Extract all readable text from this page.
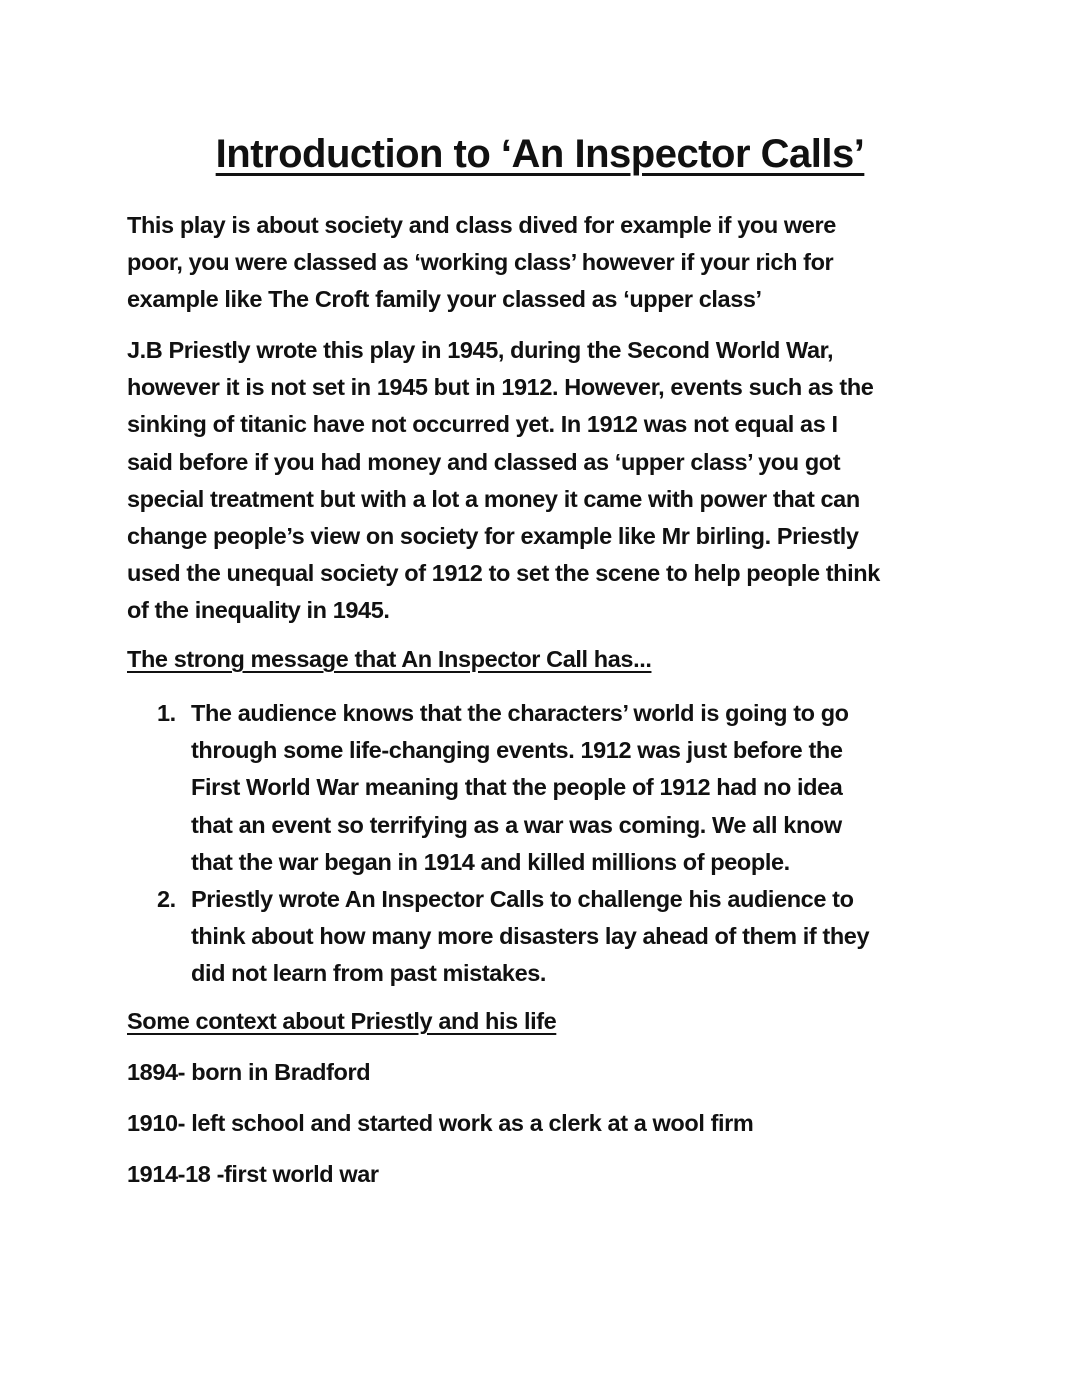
Introduction to ‘An Inspector Calls’
This play is about society and class dived for example if you were
poor, you were classed as ‘working class’ however if your rich for
example like The Croft family your classed as ‘upper class’
J.B Priestly wrote this play in 1945, during the Second World War,
however it is not set in 1945 but in 1912. However, events such as the
sinking of titanic have not occurred yet. In 1912 was not equal as I
said before if you had money and classed as ‘upper class’ you got
special treatment but with a lot a money it came with power that can
change people’s view on society for example like Mr birling. Priestly
used the unequal society of 1912 to set the scene to help people think
of the inequality in 1945.
The strong message that An Inspector Call has...
1. The audience knows that the characters’ world is going to go
through some life-changing events. 1912 was just before the
First World War meaning that the people of 1912 had no idea
that an event so terrifying as a war was coming. We all know
that the war began in 1914 and killed millions of people.
2. Priestly wrote An Inspector Calls to challenge his audience to
think about how many more disasters lay ahead of them if they
did not learn from past mistakes.
Some context about Priestly and his life
1894- born in Bradford
1910- left school and started work as a clerk at a wool firm
1914-18 -first world war
